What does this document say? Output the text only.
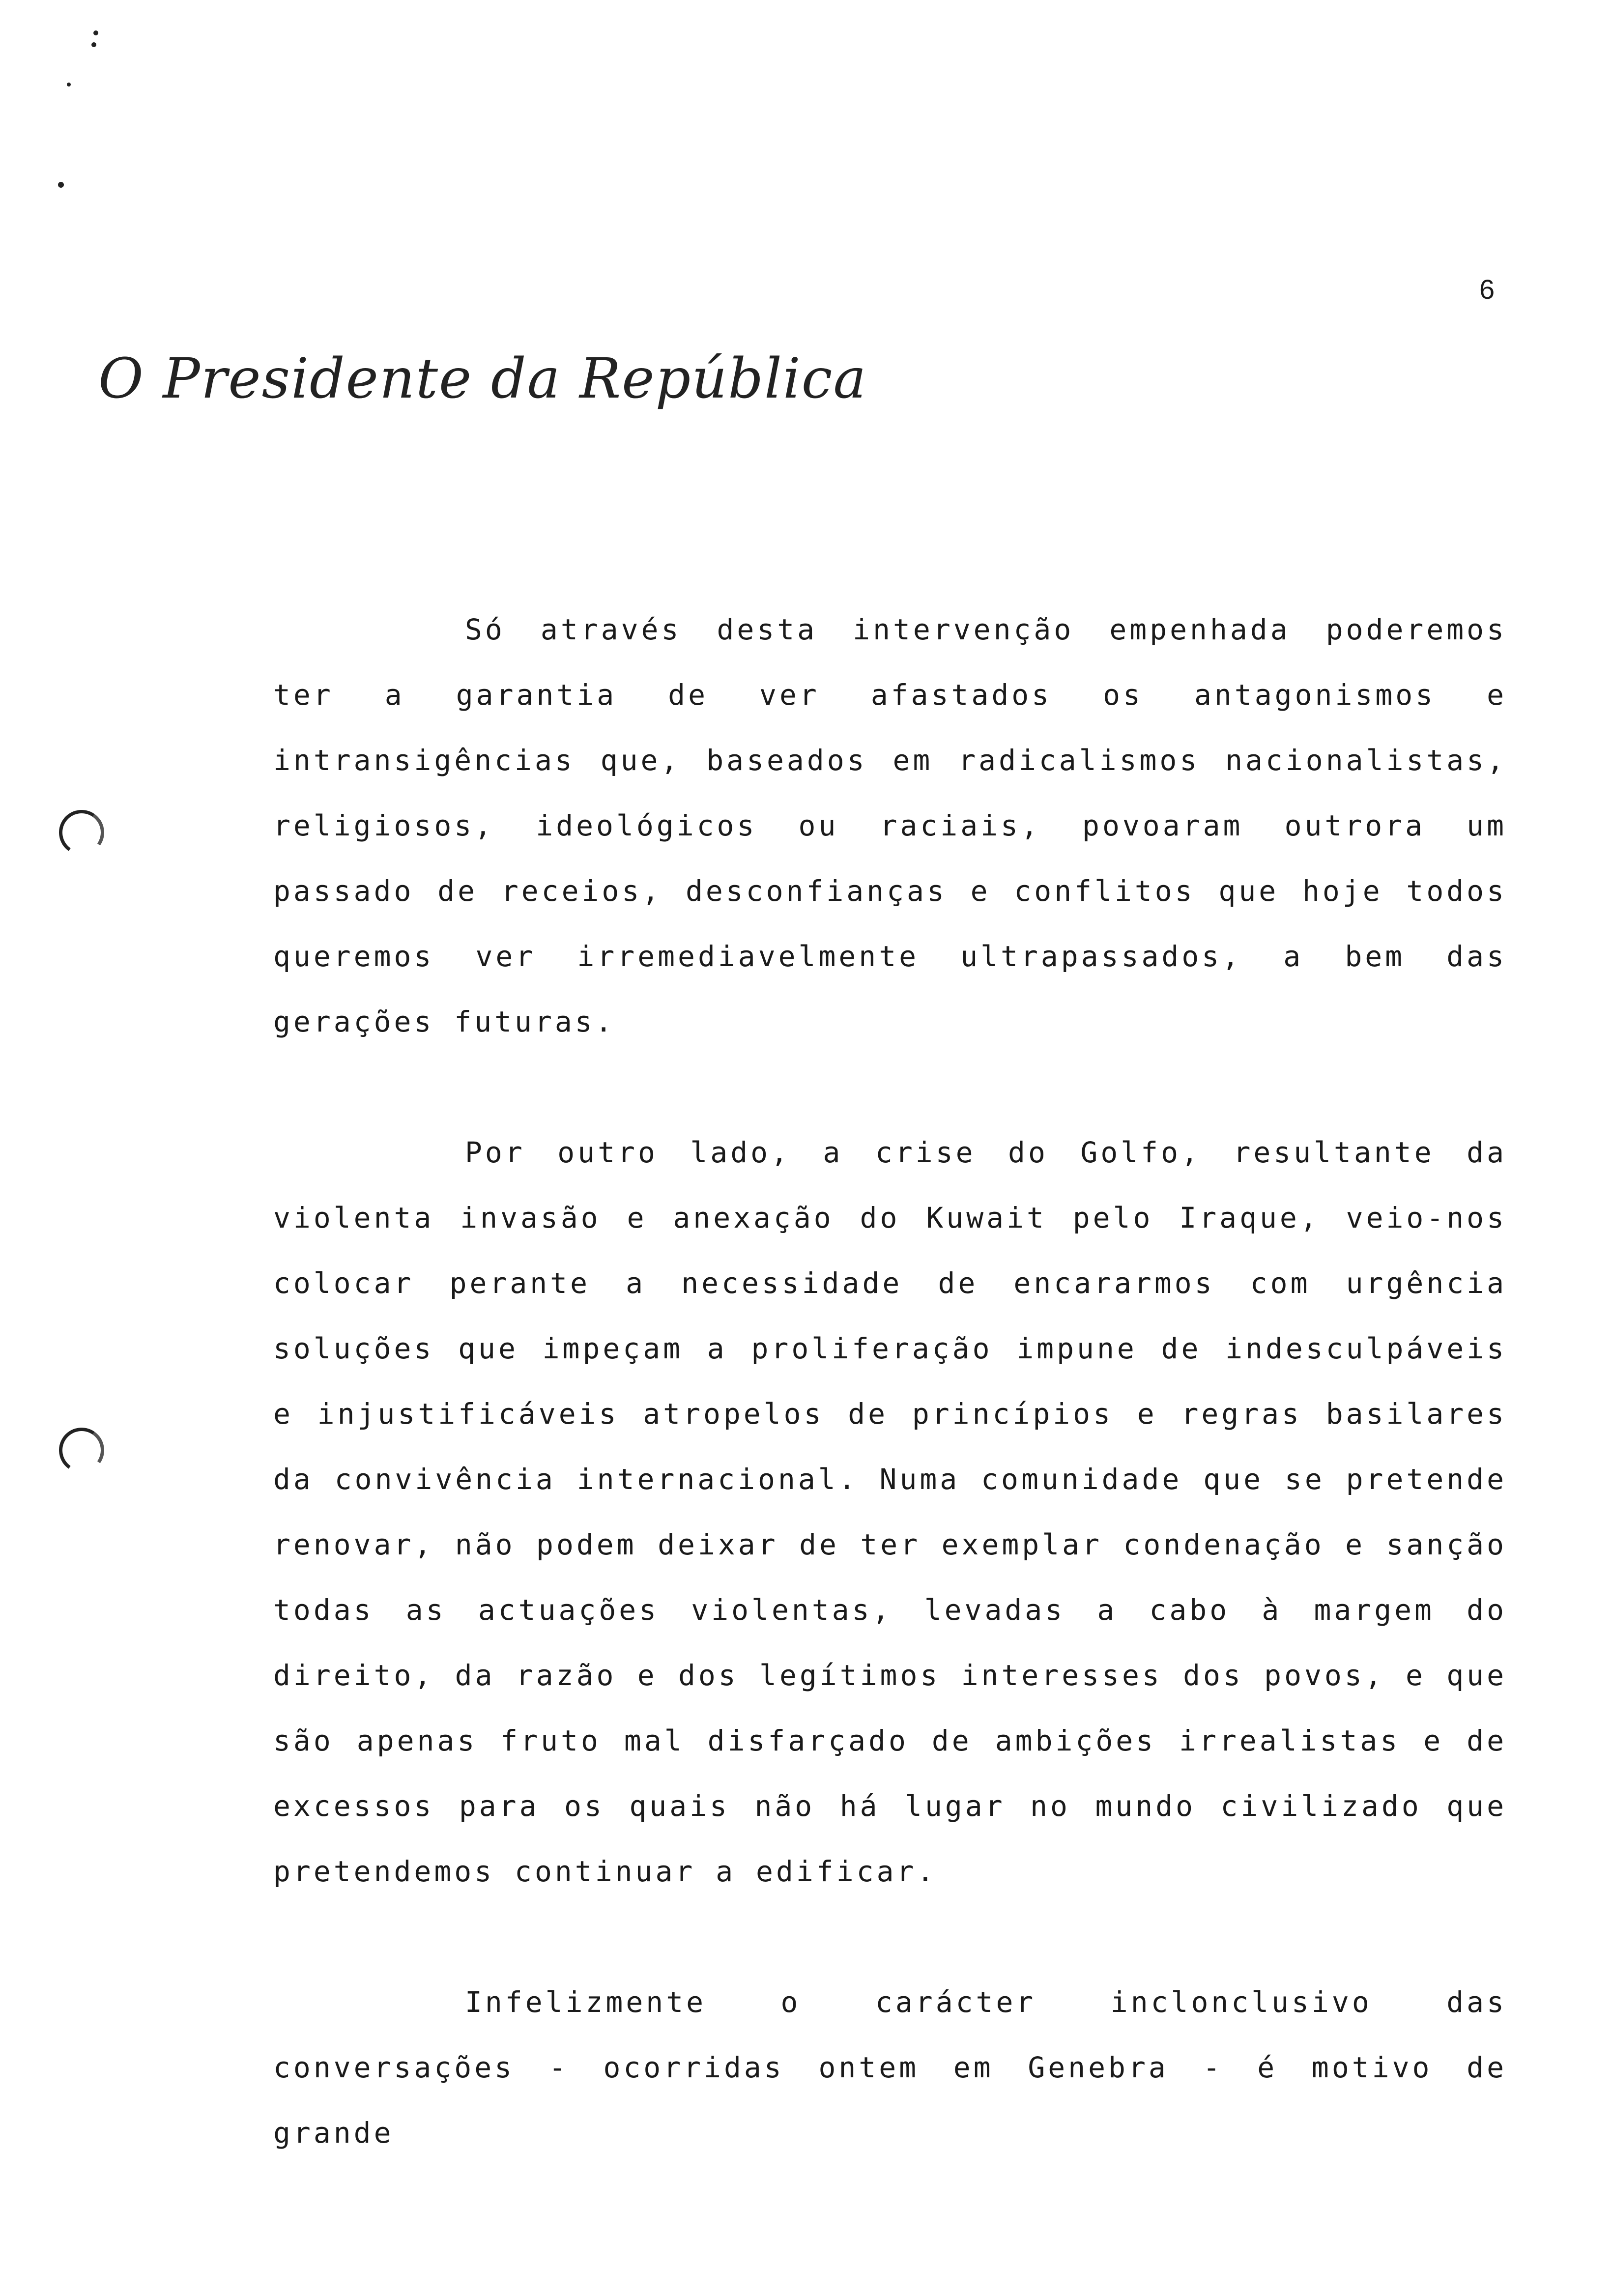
6
O Presidente da República

Só através desta intervenção empenhada poderemos ter a garantia de ver afastados os antagonismos e intransigências que, baseados em radicalismos nacionalistas, religiosos, ideológicos ou raciais, povoaram outrora um passado de receios, desconfianças e conflitos que hoje todos queremos ver irremediavelmente ultrapassados, a bem das gerações futuras.

Por outro lado, a crise do Golfo, resultante da violenta invasão e anexação do Kuwait pelo Iraque, veio-nos colocar perante a necessidade de encararmos com urgência soluções que impeçam a proliferação impune de indesculpáveis e injustificáveis atropelos de princípios e regras basilares da convivência internacional. Numa comunidade que se pretende renovar, não podem deixar de ter exemplar condenação e sanção todas as actuações violentas, levadas a cabo à margem do direito, da razão e dos legítimos interesses dos povos, e que são apenas fruto mal disfarçado de ambições irrealistas e de excessos para os quais não há lugar no mundo civilizado que pretendemos continuar a edificar.

Infelizmente o carácter inclonclusivo das conversações - ocorridas ontem em Genebra - é motivo de grande
